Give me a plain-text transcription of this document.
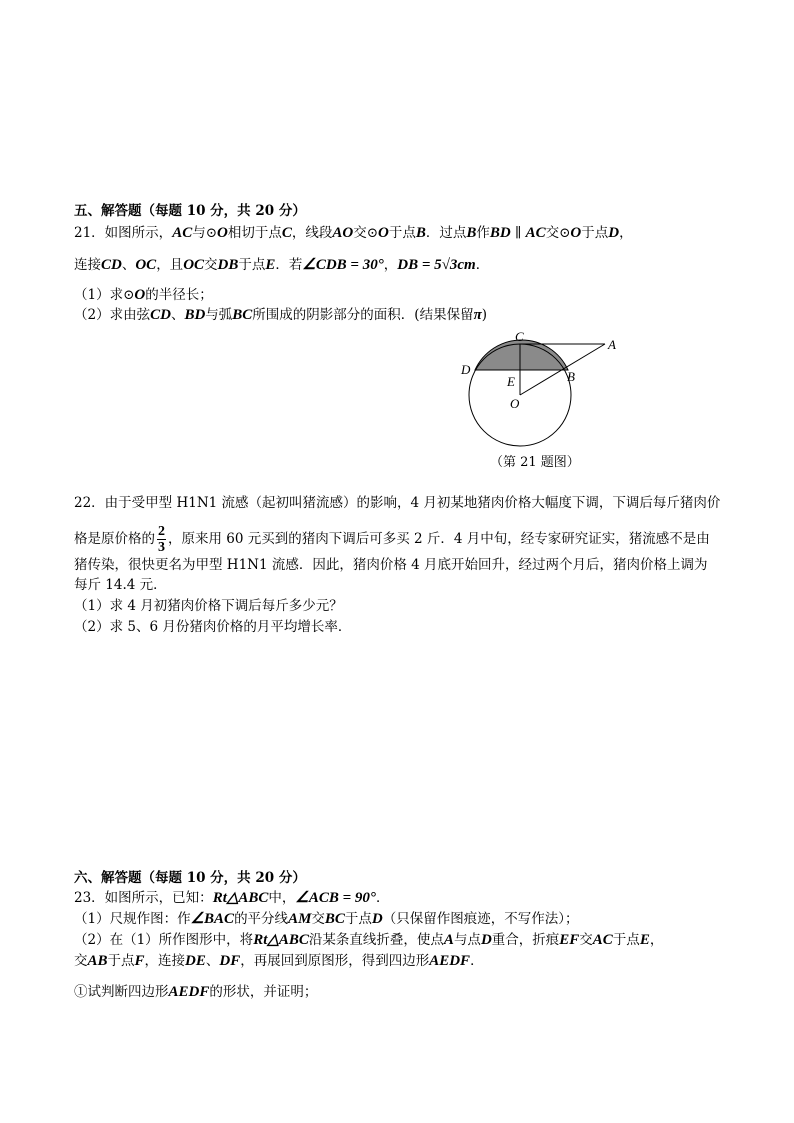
五、解答题（每题 10 分，共 20 分）
21．如图所示，AC与⊙O相切于点C，线段AO交⊙O于点B．过点B作BD ∥ AC交⊙O于点D，
连接CD、OC，且OC交DB于点E．若∠CDB = 30°，DB = 5√3cm．
（1）求⊙O的半径长；
（2）求由弦CD、BD与弧BC所围成的阴影部分的面积．(结果保留π)
C
A
D
E	B
O
（第 21 题图）
22．由于受甲型 H1N1 流感（起初叫猪流感）的影响，4 月初某地猪肉价格大幅度下调，下调后每斤猪肉价
格是原价格的 $\frac{2}{3}$ ，原来用 60 元买到的猪肉下调后可多买 2 斤．4 月中旬，经专家研究证实，猪流感不是由
猪传染，很快更名为甲型 H1N1 流感．因此，猪肉价格 4 月底开始回升，经过两个月后，猪肉价格上调为
每斤 14.4 元．
（1）求 4 月初猪肉价格下调后每斤多少元？
（2）求 5、6 月份猪肉价格的月平均增长率．
六、解答题（每题 10 分，共 20 分）
23．如图所示，已知：Rt△ABC中，∠ACB = 90°．
（1）尺规作图：作∠BAC的平分线AM交BC于点D（只保留作图痕迹，不写作法）；
（2）在（1）所作图形中，将Rt△ABC沿某条直线折叠，使点A与点D重合，折痕EF交AC于点E，
交AB于点F，连接DE、DF，再展回到原图形，得到四边形AEDF．
①试判断四边形AEDF的形状，并证明；
